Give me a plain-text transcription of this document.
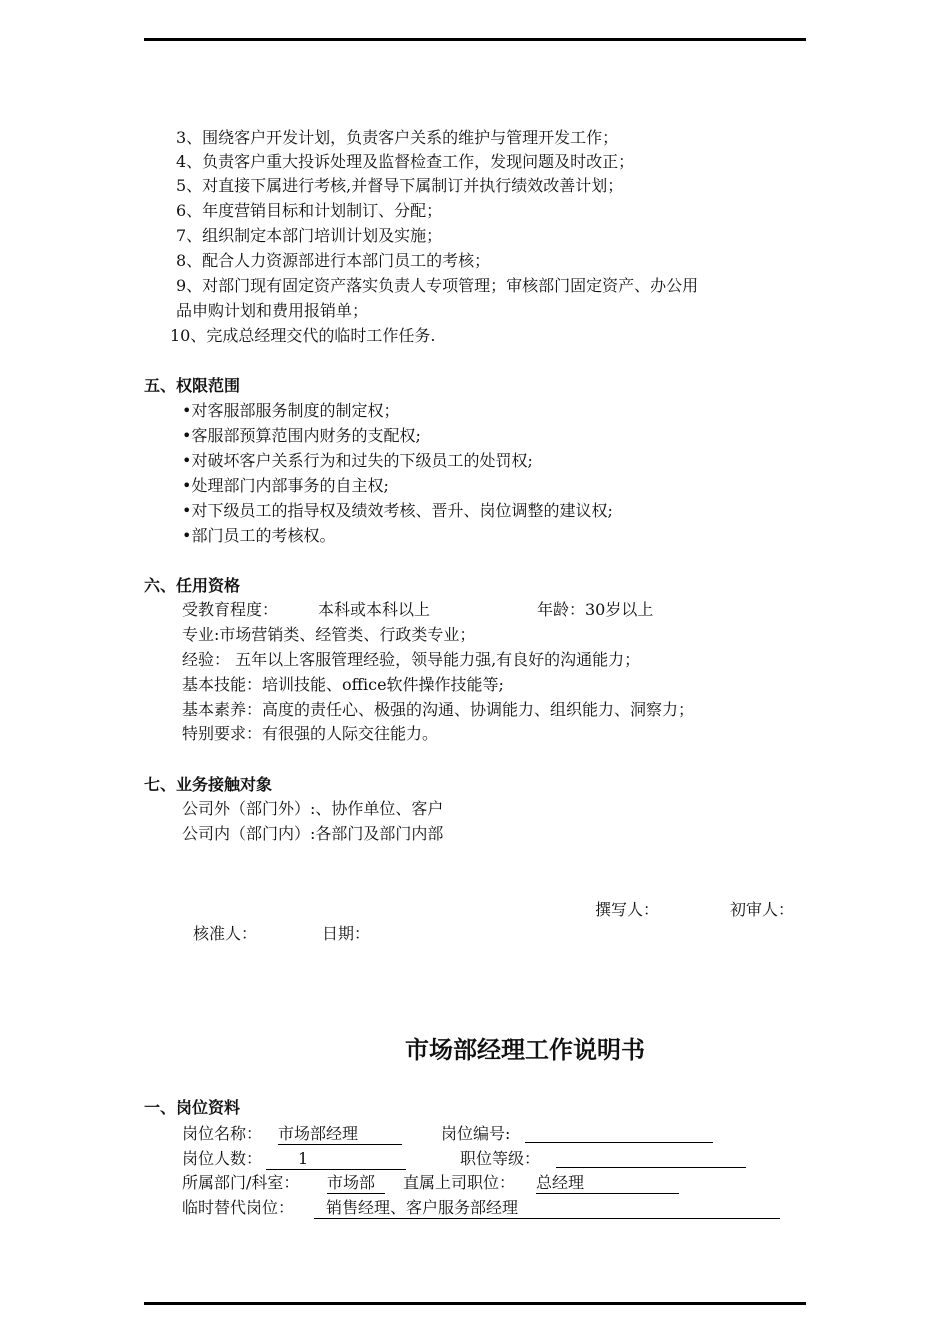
3、围绕客户开发计划，负责客户关系的维护与管理开发工作；
4、负责客户重大投诉处理及监督检查工作，发现问题及时改正；
5、对直接下属进行考核,并督导下属制订并执行绩效改善计划；
6、年度营销目标和计划制订、分配；
7、组织制定本部门培训计划及实施；
8、配合人力资源部进行本部门员工的考核；
9、对部门现有固定资产落实负责人专项管理；审核部门固定资产、办公用
品申购计划和费用报销单；
10、完成总经理交代的临时工作任务.
五、权限范围
•对客服部服务制度的制定权；
•客服部预算范围内财务的支配权;
•对破坏客户关系行为和过失的下级员工的处罚权;
•处理部门内部事务的自主权;
•对下级员工的指导权及绩效考核、晋升、岗位调整的建议权;
•部门员工的考核权。
六、任用资格
受教育程度： 本科或本科以上	年龄：30岁以上
专业:市场营销类、经管类、行政类专业；
经验： 五年以上客服管理经验，领导能力强,有良好的沟通能力；
基本技能：培训技能、office软件操作技能等;
基本素养：高度的责任心、极强的沟通、协调能力、组织能力、洞察力；
特别要求：有很强的人际交往能力。
七、业务接触对象
公司外（部门外）:、协作单位、客户
公司内（部门内）:各部门及部门内部
撰写人：	初审人：
核准人：	日期：
市场部经理工作说明书
一、岗位资料
岗位名称： 市场部经理	岗位编号:
岗位人数：	1	职位等级：
所属部门/科室： 市场部	直属上司职位： 总经理
临时替代岗位：	销售经理、客户服务部经理
